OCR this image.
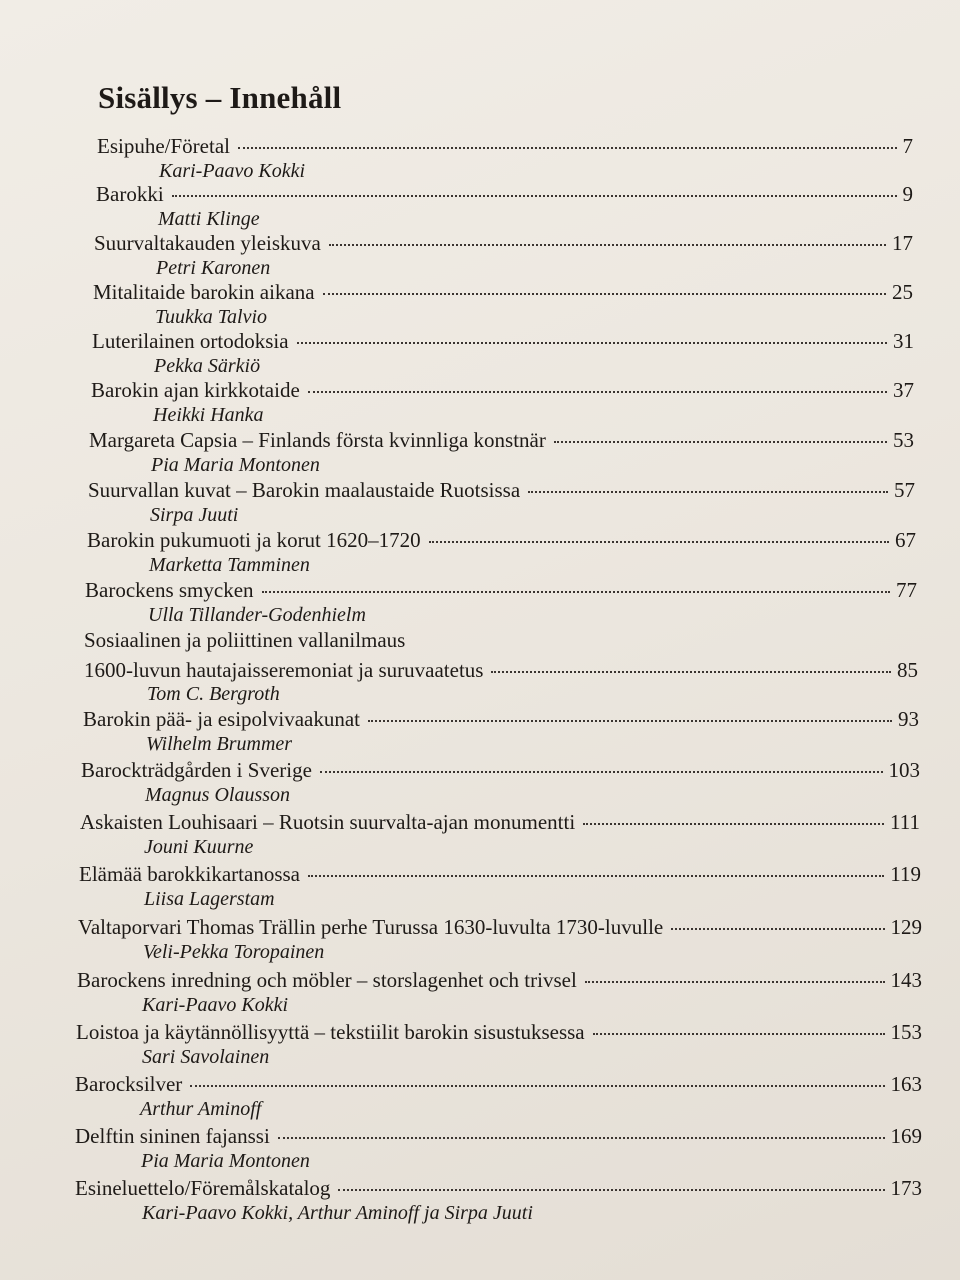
Sisällys – Innehåll
Esipuhe/Företal	7
Kari-Paavo Kokki
Barokki	9
Matti Klinge
Suurvaltakauden yleiskuva	17
Petri Karonen
Mitalitaide barokin aikana	25
Tuukka Talvio
Luterilainen ortodoksia	31
Pekka Särkiö
Barokin ajan kirkkotaide	37
Heikki Hanka
Margareta Capsia – Finlands första kvinnliga konstnär	53
Pia Maria Montonen
Suurvallan kuvat – Barokin maalaustaide Ruotsissa	57
Sirpa Juuti
Barokin pukumuoti ja korut 1620–1720	67
Marketta Tamminen
Barockens smycken	77
Ulla Tillander-Godenhielm
Sosiaalinen ja poliittinen vallanilmaus
1600-luvun hautajaisseremoniat ja suruvaatetus	85
Tom C. Bergroth
Barokin pää- ja esipolvivaakunat	93
Wilhelm Brummer
Barockträdgården i Sverige	103
Magnus Olausson
Askaisten Louhisaari – Ruotsin suurvalta-ajan monumentti	111
Jouni Kuurne
Elämää barokkikartanossa	119
Liisa Lagerstam
Valtaporvari Thomas Trällin perhe Turussa 1630-luvulta 1730-luvulle	129
Veli-Pekka Toropainen
Barockens inredning och möbler – storslagenhet och trivsel	143
Kari-Paavo Kokki
Loistoa ja käytännöllisyyttä – tekstiilit barokin sisustuksessa	153
Sari Savolainen
Barocksilver	163
Arthur Aminoff
Delftin sininen fajanssi	169
Pia Maria Montonen
Esineluettelo/Föremålskatalog	173
Kari-Paavo Kokki, Arthur Aminoff ja Sirpa Juuti
